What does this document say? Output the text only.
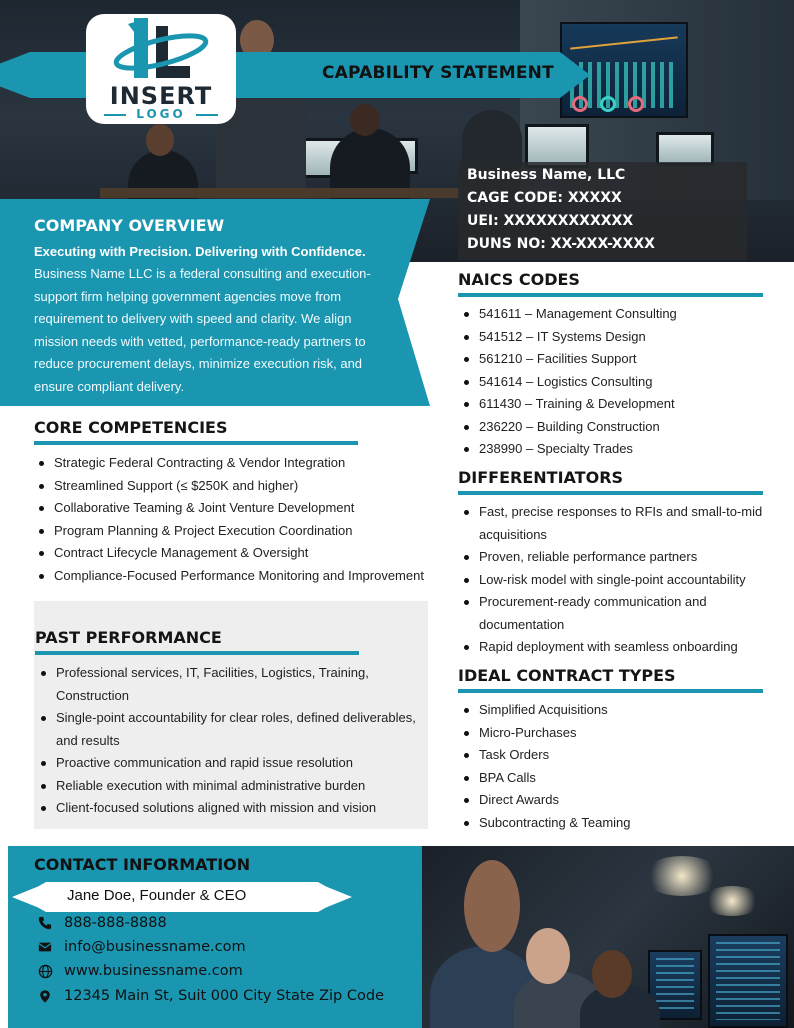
CAPABILITY STATEMENT
INSERT
LOGO
Business Name, LLC
CAGE CODE: XXXXX
UEI: XXXXXXXXXXXX
DUNS NO: XX-XXX-XXXX
COMPANY OVERVIEW
Executing with Precision. Delivering with Confidence.
Business Name LLC is a federal consulting and execution-support firm helping government agencies move from requirement to delivery with speed and clarity. We align mission needs with vetted, performance-ready partners to reduce procurement delays, minimize execution risk, and ensure compliant delivery.
CORE COMPETENCIES
Strategic Federal Contracting & Vendor Integration
Streamlined Support (≤ $250K and higher)
Collaborative Teaming & Joint Venture Development
Program Planning & Project Execution Coordination
Contract Lifecycle Management & Oversight
Compliance-Focused Performance Monitoring and Improvement
PAST PERFORMANCE
Professional services, IT, Facilities, Logistics, Training, Construction
Single-point accountability for clear roles, defined deliverables, and results
Proactive communication and rapid issue resolution
Reliable execution with minimal administrative burden
Client-focused solutions aligned with mission and vision
NAICS CODES
541611 – Management Consulting
541512 – IT Systems Design
561210 – Facilities Support
541614 – Logistics Consulting
611430 – Training & Development
236220 – Building Construction
238990 – Specialty Trades
DIFFERENTIATORS
Fast, precise responses to RFIs and small-to-mid acquisitions
Proven, reliable performance partners
Low-risk model with single-point accountability
Procurement-ready communication and documentation
Rapid deployment with seamless onboarding
IDEAL CONTRACT TYPES
Simplified Acquisitions
Micro-Purchases
Task Orders
BPA Calls
Direct Awards
Subcontracting & Teaming
CONTACT INFORMATION
Jane Doe, Founder & CEO
888-888-8888
info@businessname.com
www.businessname.com
12345 Main St, Suit 000 City State Zip Code
